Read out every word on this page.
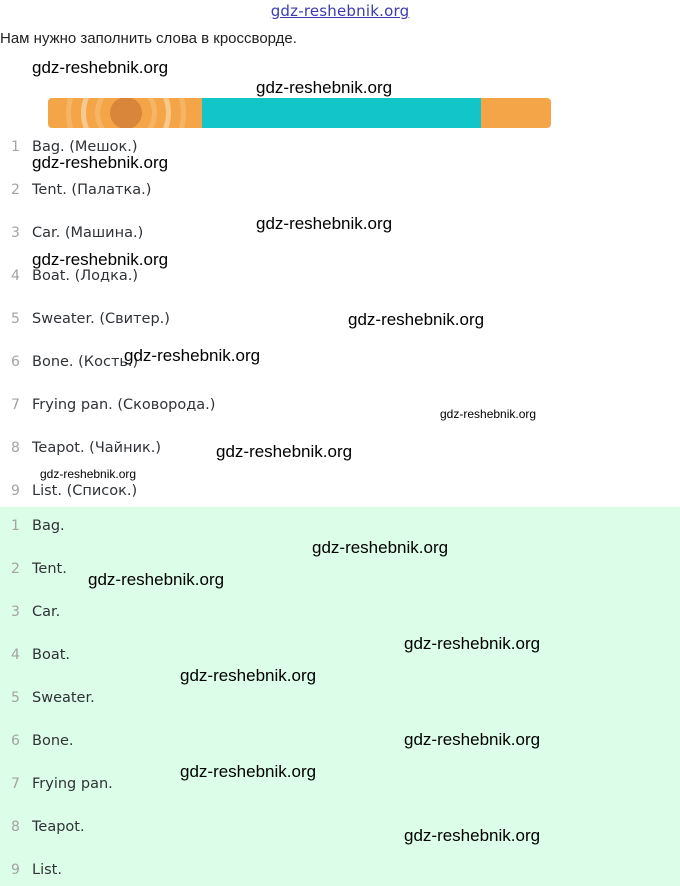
gdz-reshebnik.org
Нам нужно заполнить слова в кроссворде.
1 Bag. (Мешок.)
2 Tent. (Палатка.)
3 Car. (Машина.)
4 Boat. (Лодка.)
5 Sweater. (Свитер.)
6 Bone. (Кость.)
7 Frying pan. (Сковорода.)
8 Teapot. (Чайник.)
9 List. (Список.)
1 Bag.
2 Tent.
3 Car.
4 Boat.
5 Sweater.
6 Bone.
7 Frying pan.
8 Teapot.
9 List.
gdz-reshebnik.org
gdz-reshebnik.org
gdz-reshebnik.org
gdz-reshebnik.org
gdz-reshebnik.org
gdz-reshebnik.org
gdz-reshebnik.org
gdz-reshebnik.org
gdz-reshebnik.org
gdz-reshebnik.org
gdz-reshebnik.org
gdz-reshebnik.org
gdz-reshebnik.org
gdz-reshebnik.org
gdz-reshebnik.org
gdz-reshebnik.org
gdz-reshebnik.org
